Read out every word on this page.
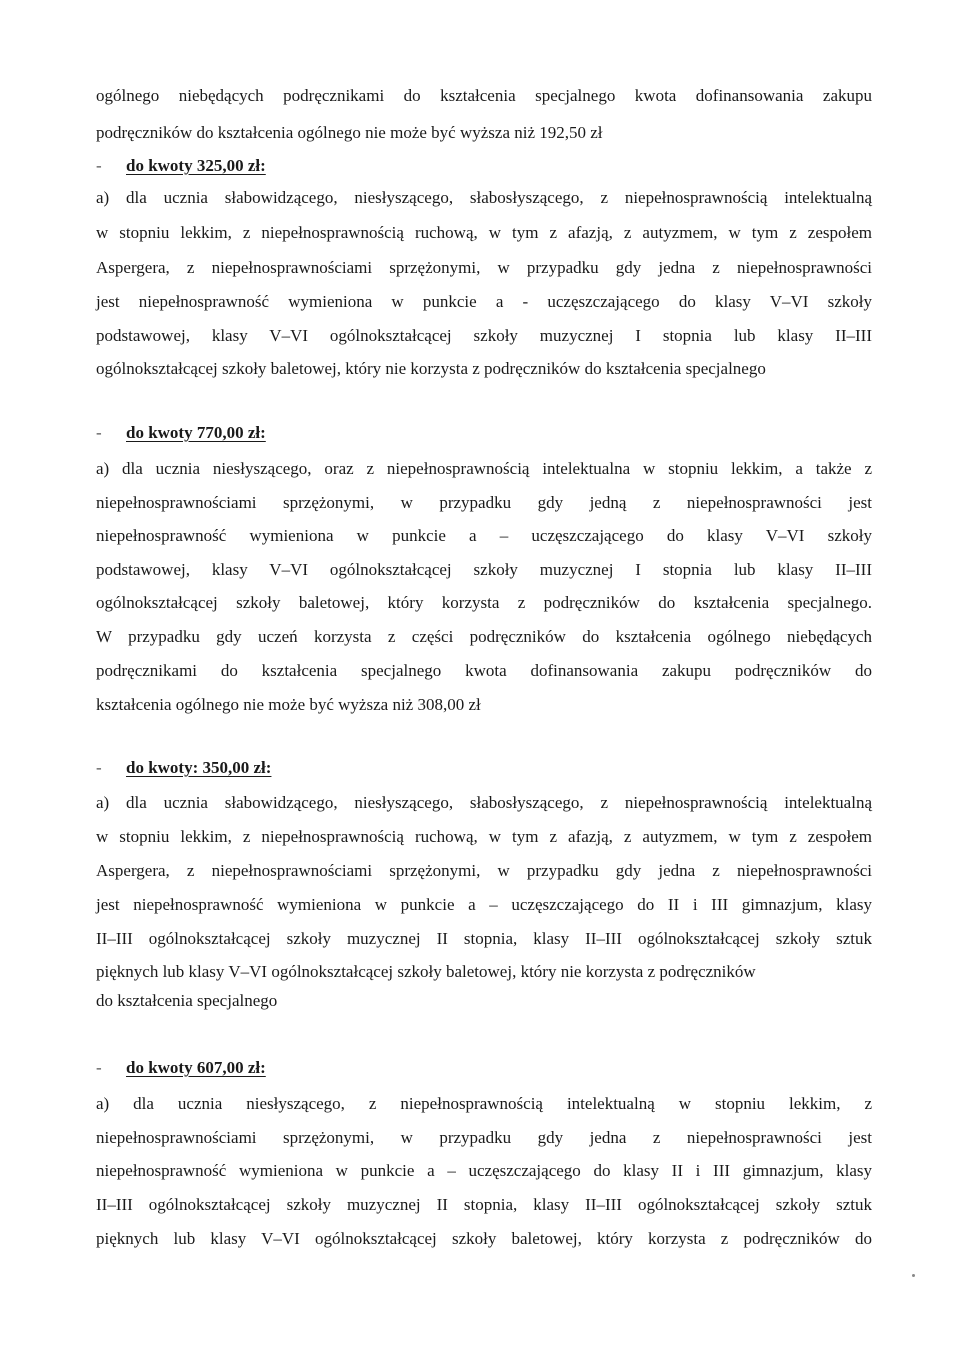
ogólnego niebędących podręcznikami do kształcenia specjalnego kwota dofinansowania zakupu
podręczników do kształcenia ogólnego nie może być wyższa niż 192,50 zł
- do kwoty 325,00 zł:
a) dla ucznia słabowidzącego, niesłyszącego, słabosłyszącego, z niepełnosprawnością intelektualną
w stopniu lekkim, z niepełnosprawnością ruchową, w tym z afazją, z autyzmem, w tym z zespołem
Aspergera, z niepełnosprawnościami sprzężonymi, w przypadku gdy jedna z niepełnosprawności
jest niepełnosprawność wymieniona w punkcie a - uczęszczającego do klasy V–VI szkoły
podstawowej, klasy V–VI ogólnokształcącej szkoły muzycznej I stopnia lub klasy II–III
ogólnokształcącej szkoły baletowej, który nie korzysta z podręczników do kształcenia specjalnego
- do kwoty 770,00 zł:
a) dla ucznia niesłyszącego, oraz z niepełnosprawnością intelektualna w stopniu lekkim, a także z
niepełnosprawnościami sprzężonymi, w przypadku gdy jedną z niepełnosprawności jest
niepełnosprawność wymieniona w punkcie a – uczęszczającego do klasy V–VI szkoły
podstawowej, klasy V–VI ogólnokształcącej szkoły muzycznej I stopnia lub klasy II–III
ogólnokształcącej szkoły baletowej, który korzysta z podręczników do kształcenia specjalnego.
W przypadku gdy uczeń korzysta z części podręczników do kształcenia ogólnego niebędących
podręcznikami do kształcenia specjalnego kwota dofinansowania zakupu podręczników do
kształcenia ogólnego nie może być wyższa niż 308,00 zł
- do kwoty: 350,00 zł:
a) dla ucznia słabowidzącego, niesłyszącego, słabosłyszącego, z niepełnosprawnością intelektualną
w stopniu lekkim, z niepełnosprawnością ruchową, w tym z afazją, z autyzmem, w tym z zespołem
Aspergera, z niepełnosprawnościami sprzężonymi, w przypadku gdy jedna z niepełnosprawności
jest niepełnosprawność wymieniona w punkcie a – uczęszczającego do II i III gimnazjum, klasy
II–III ogólnokształcącej szkoły muzycznej II stopnia, klasy II–III ogólnokształcącej szkoły sztuk
pięknych lub klasy V–VI ogólnokształcącej szkoły baletowej, który nie korzysta z podręczników
do kształcenia specjalnego
- do kwoty 607,00 zł:
a) dla ucznia niesłyszącego, z niepełnosprawnością intelektualną w stopniu lekkim, z
niepełnosprawnościami sprzężonymi, w przypadku gdy jedna z niepełnosprawności jest
niepełnosprawność wymieniona w punkcie a – uczęszczającego do klasy II i III gimnazjum, klasy
II–III ogólnokształcącej szkoły muzycznej II stopnia, klasy II–III ogólnokształcącej szkoły sztuk
pięknych lub klasy V–VI ogólnokształcącej szkoły baletowej, który korzysta z podręczników do
